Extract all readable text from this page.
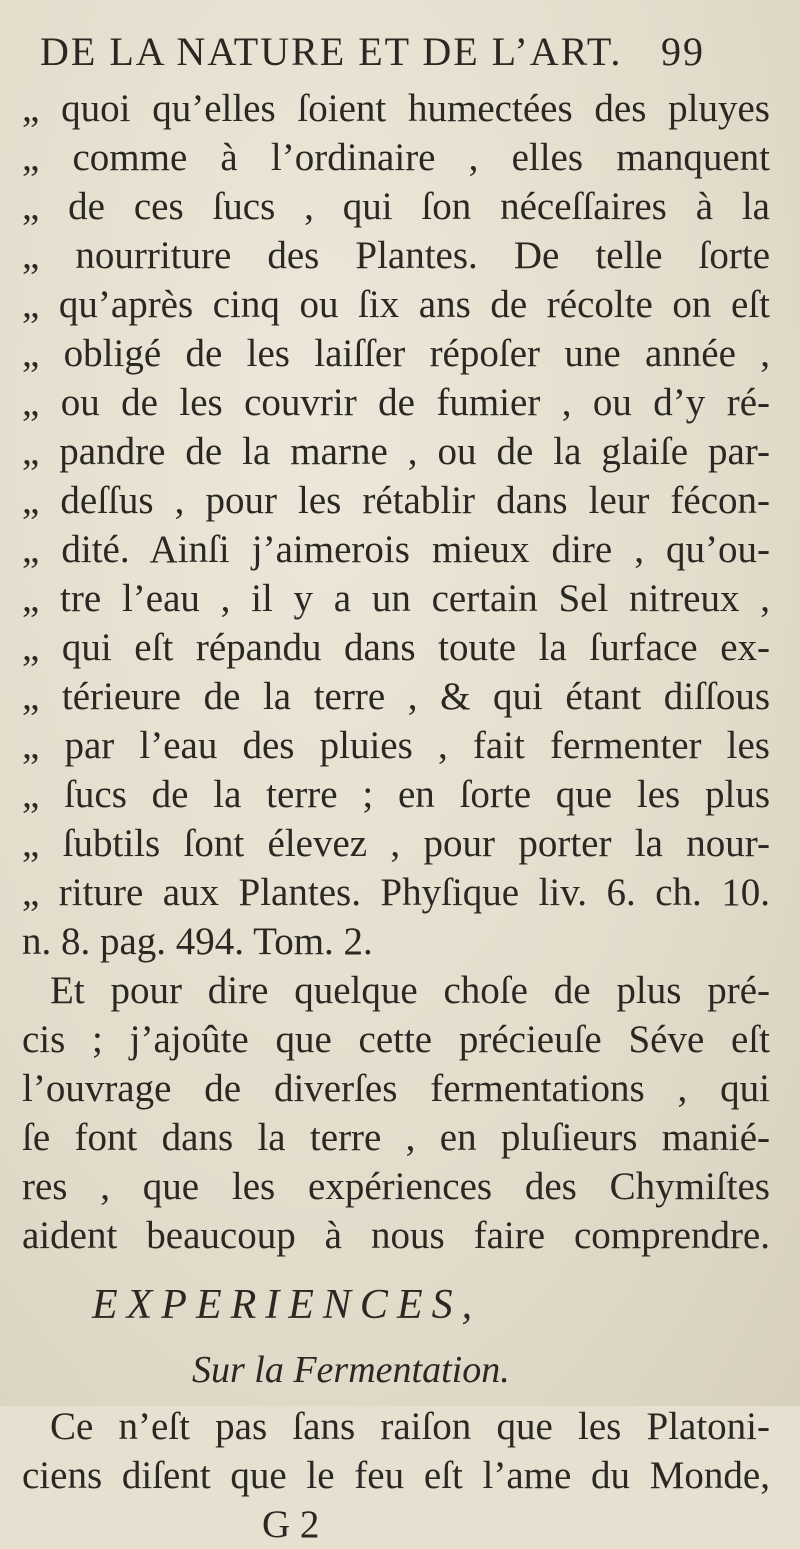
DE LA NATURE ET DE L’ART. 99
„ quoi qu’elles ſoient humectées des pluyes
„ comme à l’ordinaire , elles manquent
„ de ces ſucs , qui ſon néceſſaires à la
„ nourriture des Plantes. De telle ſorte
„ qu’après cinq ou ſix ans de récolte on eſt
„ obligé de les laiſſer répoſer une année ,
„ ou de les couvrir de fumier , ou d’y ré-
„ pandre de la marne , ou de la glaiſe par-
„ deſſus , pour les rétablir dans leur fécon-
„ dité. Ainſi j’aimerois mieux dire , qu’ou-
„ tre l’eau , il y a un certain Sel nitreux ,
„ qui eſt répandu dans toute la ſurface ex-
„ térieure de la terre , & qui étant diſſous
„ par l’eau des pluies , fait fermenter les
„ ſucs de la terre ; en ſorte que les plus
„ ſubtils ſont élevez , pour porter la nour-
„ riture aux Plantes. Phyſique liv. 6. ch. 10.
n. 8. pag. 494. Tom. 2.
Et pour dire quelque choſe de plus pré-
cis ; j’ajoûte que cette précieuſe Séve eſt
l’ouvrage de diverſes fermentations , qui
ſe font dans la terre , en pluſieurs manié-
res , que les expériences des Chymiſtes
aident beaucoup à nous faire comprendre.
EXPERIENCES,
Sur la Fermentation.
Ce n’eſt pas ſans raiſon que les Platoni-
ciens diſent que le feu eſt l’ame du Monde,
G 2
